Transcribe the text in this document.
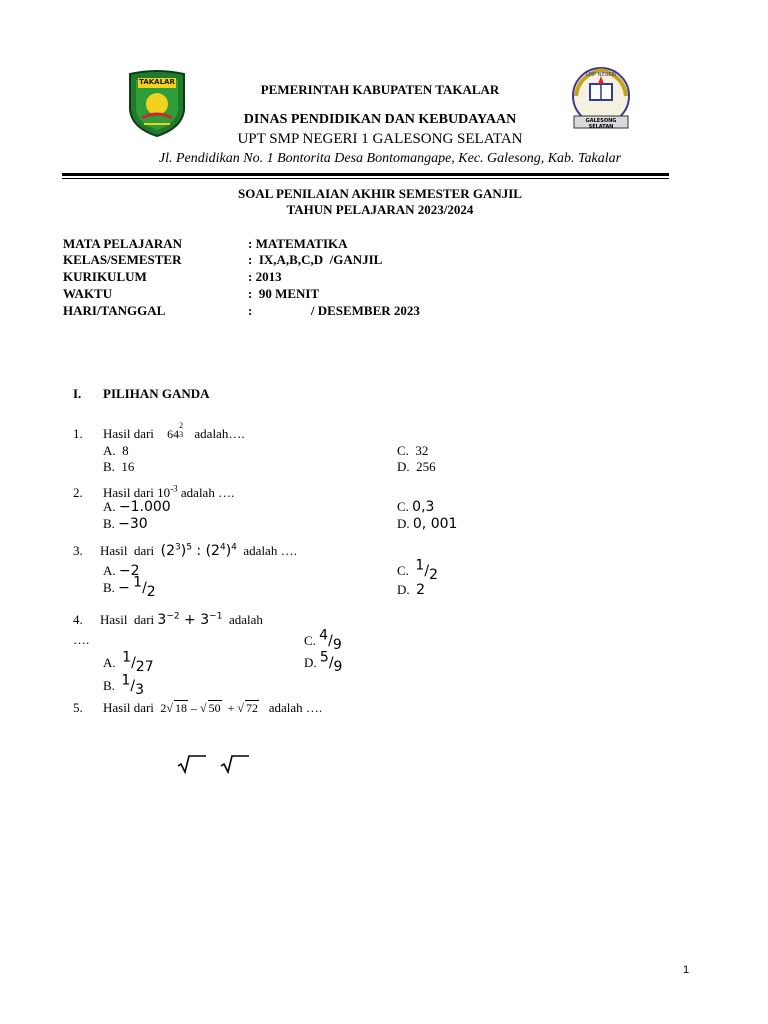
TAKALAR
SMP NEGERI
GALESONG SELATAN
PEMERINTAH KABUPATEN TAKALAR
DINAS PENDIDIKAN DAN KEBUDAYAAN
UPT SMP NEGERI 1 GALESONG SELATAN
Jl. Pendidikan No. 1 Bontorita Desa Bontomangape, Kec. Galesong, Kab. Takalar
SOAL PENILAIAN AKHIR SEMESTER GANJIL
TAHUN PELAJARAN 2023/2024
MATA PELAJARAN	: MATEMATIKA
KELAS/SEMESTER	:  IX,A,B,C,D  /GANJIL
KURIKULUM	: 2013
WAKTU	:  90 MENIT
HARI/TANGGAL	:                  / DESEMBER 2023
I. PILIHAN GANDA
1. Hasil dari 64
2
3 adalah….
A.  8
B.  16
C.  32
D.  256
2. Hasil dari $10^{-3}$ adalah ….
A. −1.000
B. −30
C. 0,3
D. 0, 001
3. Hasil  dari $(2^3)^5$ : $(2^4)^4$ adalah ….
A. −2
B. − $^1/_2$
C.  $^1/_2$
D.  2
4. Hasil  dari $3^{-2} + 3^{-1}$ adalah
….
A.  $^1/_{27}$
B.  $^1/_3$
C. $^4/_9$
D. $^5/_9$
5. Hasil dari 2√ 18 – √ 50  + √ 72 adalah ….
1
